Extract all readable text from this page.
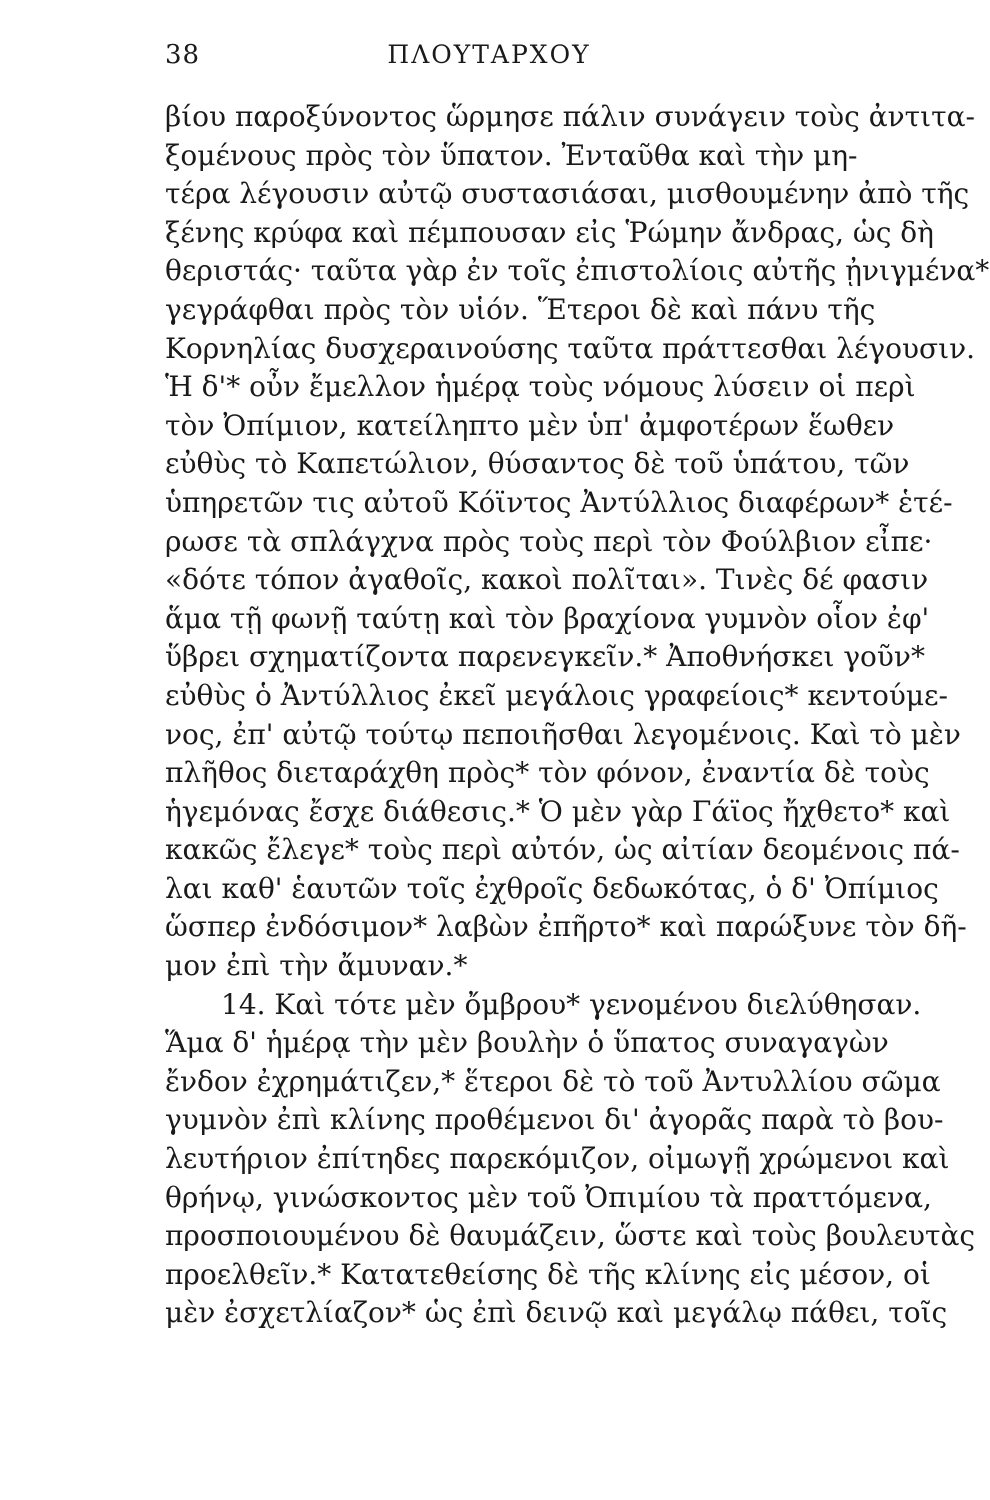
38	ΠΛΟΥΤΑΡΧΟΥ
βίου παροξύνοντος ὥρμησε πάλιν συνάγειν τοὺς ἀντιτα-
ξομένους πρὸς τὸν ὕπατον. Ἐνταῦθα καὶ τὴν μη-
τέρα λέγουσιν αὐτῷ συστασιάσαι, μισθουμένην ἀπὸ τῆς
ξένης κρύφα καὶ πέμπουσαν εἰς Ῥώμην ἄνδρας, ὡς δὴ
θεριστάς· ταῦτα γὰρ ἐν τοῖς ἐπιστολίοις αὐτῆς ᾐνιγμένα*
γεγράφθαι πρὸς τὸν υἱόν. Ἕτεροι δὲ καὶ πάνυ τῆς
Κορνηλίας δυσχεραινούσης ταῦτα πράττεσθαι λέγουσιν.
Ἡ δ'* οὖν ἔμελλον ἡμέρᾳ τοὺς νόμους λύσειν οἱ περὶ
τὸν Ὀπίμιον, κατείληπτο μὲν ὑπ' ἀμφοτέρων ἕωθεν
εὐθὺς τὸ Καπετώλιον, θύσαντος δὲ τοῦ ὑπάτου, τῶν
ὑπηρετῶν τις αὐτοῦ Κόϊντος Ἀντύλλιος διαφέρων* ἑτέ-
ρωσε τὰ σπλάγχνα πρὸς τοὺς περὶ τὸν Φούλβιον εἶπε·
«δότε τόπον ἀγαθοῖς, κακοὶ πολῖται». Τινὲς δέ φασιν
ἅμα τῇ φωνῇ ταύτῃ καὶ τὸν βραχίονα γυμνὸν οἷον ἐφ'
ὕβρει σχηματίζοντα παρενεγκεῖν.* Ἀποθνήσκει γοῦν*
εὐθὺς ὁ Ἀντύλλιος ἐκεῖ μεγάλοις γραφείοις* κεντούμε-
νος, ἐπ' αὐτῷ τούτῳ πεποιῆσθαι λεγομένοις. Καὶ τὸ μὲν
πλῆθος διεταράχθη πρὸς* τὸν φόνον, ἐναντία δὲ τοὺς
ἡγεμόνας ἔσχε διάθεσις.* Ὁ μὲν γὰρ Γάϊος ἤχθετο* καὶ
κακῶς ἔλεγε* τοὺς περὶ αὐτόν, ὡς αἰτίαν δεομένοις πά-
λαι καθ' ἑαυτῶν τοῖς ἐχθροῖς δεδωκότας, ὁ δ' Ὀπίμιος
ὥσπερ ἐνδόσιμον* λαβὼν ἐπῆρτο* καὶ παρώξυνε τὸν δῆ-
μον ἐπὶ τὴν ἄμυναν.*
14. Καὶ τότε μὲν ὄμβρου* γενομένου διελύθησαν.
Ἅμα δ' ἡμέρᾳ τὴν μὲν βουλὴν ὁ ὕπατος συναγαγὼν
ἔνδον ἐχρημάτιζεν,* ἕτεροι δὲ τὸ τοῦ Ἀντυλλίου σῶμα
γυμνὸν ἐπὶ κλίνης προθέμενοι δι' ἀγορᾶς παρὰ τὸ βου-
λευτήριον ἐπίτηδες παρεκόμιζον, οἰμωγῇ χρώμενοι καὶ
θρήνῳ, γινώσκοντος μὲν τοῦ Ὀπιμίου τὰ πραττόμενα,
προσποιουμένου δὲ θαυμάζειν, ὥστε καὶ τοὺς βουλευτὰς
προελθεῖν.* Κατατεθείσης δὲ τῆς κλίνης εἰς μέσον, οἱ
μὲν ἐσχετλίαζον* ὡς ἐπὶ δεινῷ καὶ μεγάλῳ πάθει, τοῖς
